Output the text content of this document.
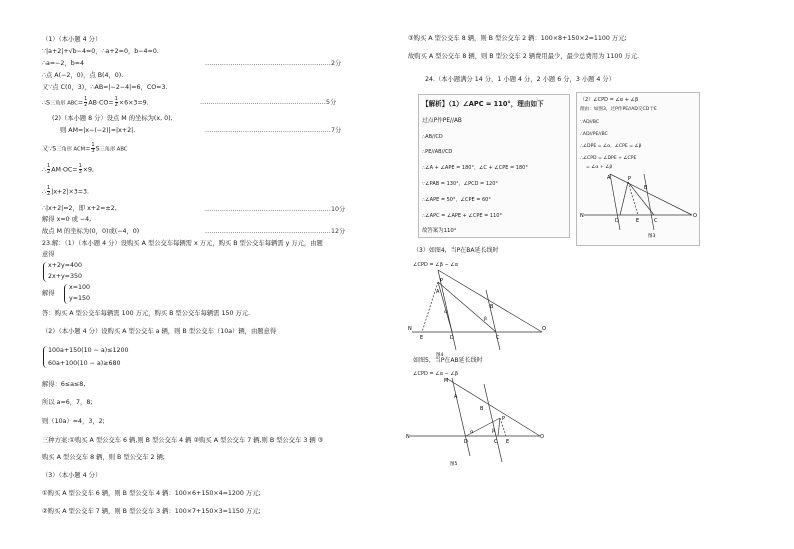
（1）（本小题 4 分）
∵|a+2|+√b−4=0，∴a+2=0，b−4=0.
∴a=−2，b=4	……………………………………………………2分
∴点 A(−2，0)，点 B(4，0).
又∵点 C(0，3)，∴AB=|−2−4|=6，CO=3.
∴S三角形 $ABC= \frac{1}{2} AB\cdot CO= \frac{1}{2} \times 6\times 3=9$.	……………………………………………………5分
(2)（本小题 8 分）设点 M 的坐标为(x, 0),
则 AM=|x−(−2)|=|x+2|.	……………………………………………………7分
又∵S三角形 $ACM= \frac{1}{3}$ S三角形 ABC
∴ $\frac{1}{2} AM\cdot OC= \frac{1}{3} \times 9$,
∴ $\frac{1}{2} |x+2|\times 3=3$.
∴|x+2|=2，即 x+2=±2,	……………………………………………………10分
解得 x=0 或 −4,
故点 M 的坐标为(0，0)或(−4，0)	……………………………………………………12分
23.解：（1）（本小题 4 分）设购买 A 型公交车每辆需 x 万元，购买 B 型公交车每辆需 y 万元，由题
意得
x+2y=400
2x+y=350
解得
x=100
y=150
答：购买 A 型公交车每辆需 100 万元，购买 B 型公交车每辆需 150 万元.
（2）（本小题 4 分）设购买 A 型公交车 a 辆，则 B 型公交车（10a）辆，由题意得
100a+150(10 − a)≤1200
60a+100(10 − a)≥680
解得：6≤a≤8,
所以 a=6，7，8;
则（10a）=4，3，2;
三种方案:①购买 A 型公交车 6 辆,则 B 型公交车 4 辆 ②购买 A 型公交车 7 辆,则 B 型公交车 3 辆 ③
购买 A 型公交车 8 辆，则 B 型公交车 2 辆;
（3）（本小题 4 分）
①购买 A 型公交车 6 辆，则 B 型公交车 4 辆：100×6+150×4=1200 万元;
②购买 A 型公交车 7 辆，则 B 型公交车 3 辆：100×7+150×3=1150 万元;
③购买 A 型公交车 8 辆，则 B 型公交车 2 辆：100×8+150×2=1100 万元;
故购买 A 型公交车 8 辆，则 B 型公交车 2 辆费用最少，最少总费用为 1100 万元.
24.（本小题满分 14 分，1 小题 4 分，2 小题 6 分，3 小题 4 分）
【解析】（1）∠APC = 110°，理由如下
过点P作PE//AB
∴AB//CD
∴PE//AB//CD
∴∠A + ∠APE = 180°，∠C + ∠CPE = 180°
∵∠PAB = 130°，∠PCD = 120°
∴∠APE = 50°，∠CPE = 60°
∴∠APC = ∠APE + ∠CPE = 110°
故答案为110°
（2）∠CPD = ∠α + ∠β
理由：如图3，过P作PE//AD交CD于E
∵AD//BC
∴AD//PE//BC
∴∠DPE = ∠α，∠CPE = ∠β
∴∠CPD = ∠DPE + ∠CPE
= ∠α + ∠β
N	O
P
D	E	C
A
B
图3
（3）如图4，当P在BA延长线时
∠CPD = ∠β − ∠α
N	O
P
A
B
E	D	C
α
β
图4
如图5，当P在AB延长线时
∠CPD = ∠α − ∠β
N	O
M
A
B
P
D	C E
α	β
图5
